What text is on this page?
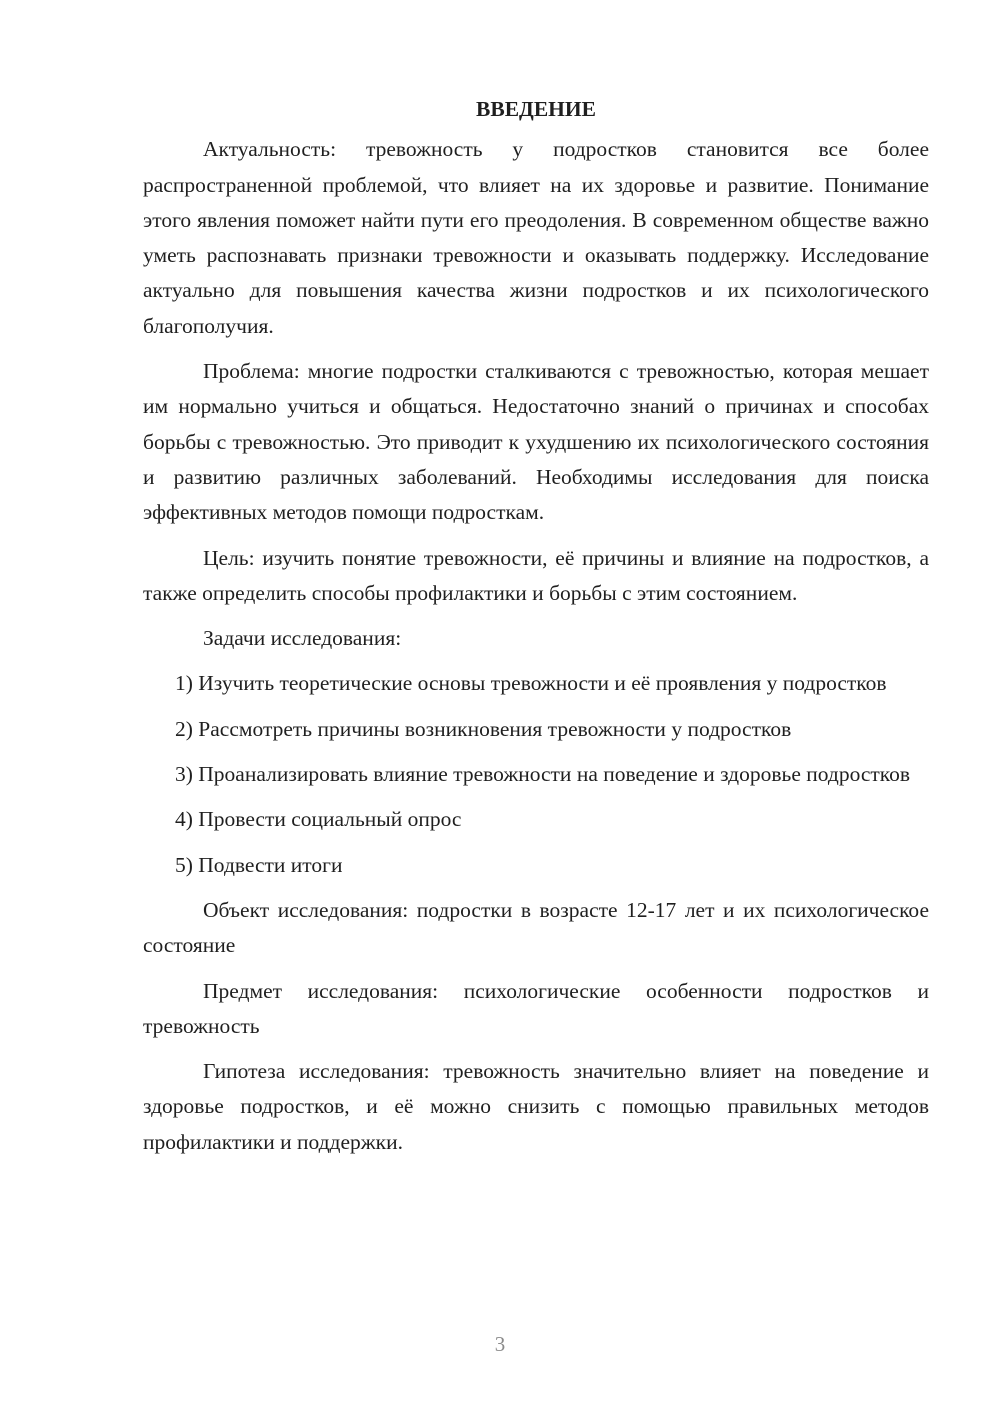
ВВЕДЕНИЕ

Актуальность: тревожность у подростков становится все более распространенной проблемой, что влияет на их здоровье и развитие. Понимание этого явления поможет найти пути его преодоления. В современном обществе важно уметь распознавать признаки тревожности и оказывать поддержку. Исследование актуально для повышения качества жизни подростков и их психологического благополучия.

Проблема: многие подростки сталкиваются с тревожностью, которая мешает им нормально учиться и общаться. Недостаточно знаний о причинах и способах борьбы с тревожностью. Это приводит к ухудшению их психологического состояния и развитию различных заболеваний. Необходимы исследования для поиска эффективных методов помощи подросткам.

Цель: изучить понятие тревожности, её причины и влияние на подростков, а также определить способы профилактики и борьбы с этим состоянием.

Задачи исследования:

1) Изучить теоретические основы тревожности и её проявления у подростков

2) Рассмотреть причины возникновения тревожности у подростков

3) Проанализировать влияние тревожности на поведение и здоровье подростков

4) Провести социальный опрос

5) Подвести итоги

Объект исследования: подростки в возрасте 12-17 лет и их психологическое состояние

Предмет исследования: психологические особенности подростков и тревожность

Гипотеза исследования: тревожность значительно влияет на поведение и здоровье подростков, и её можно снизить с помощью правильных методов профилактики и поддержки.

3
